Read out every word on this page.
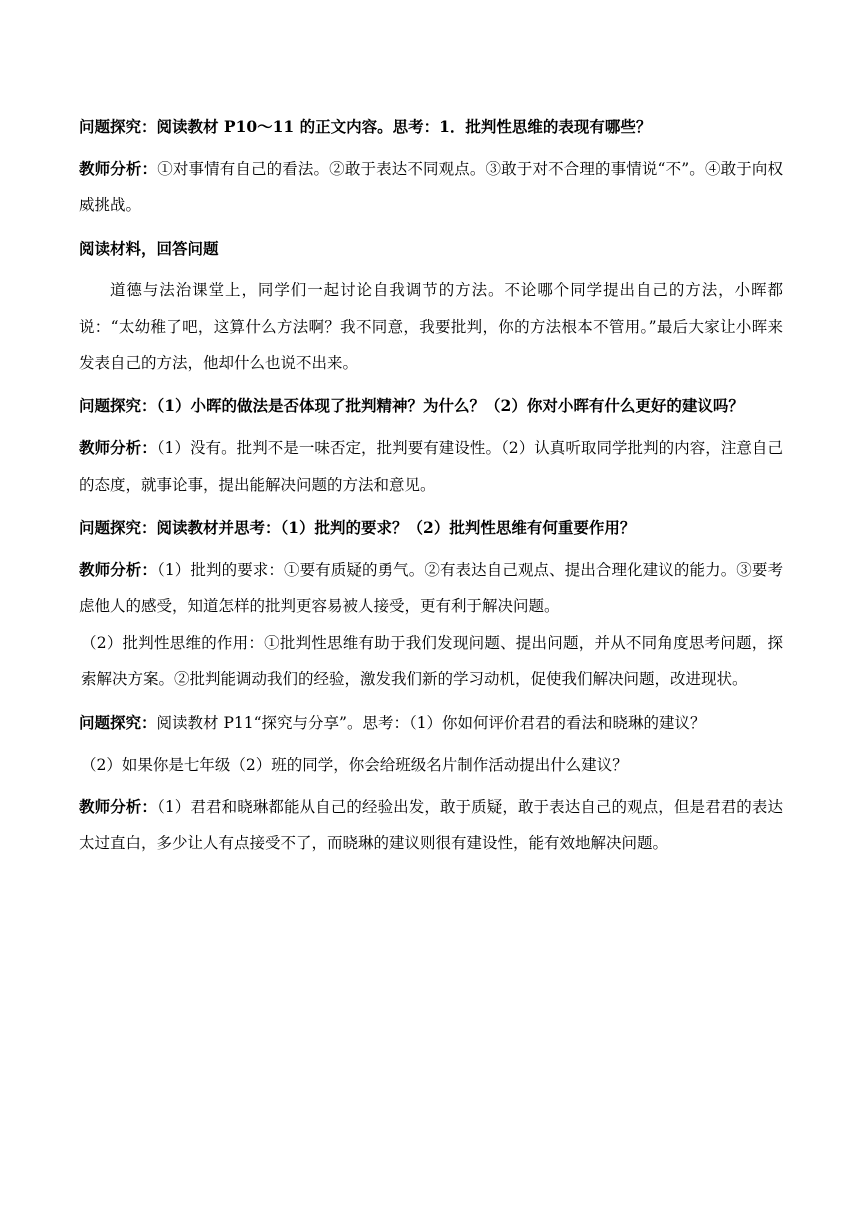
问题探究：阅读教材 P10～11 的正文内容。思考：1．批判性思维的表现有哪些？
教师分析：①对事情有自己的看法。②敢于表达不同观点。③敢于对不合理的事情说“不”。④敢于向权威挑战。
阅读材料，回答问题
道德与法治课堂上，同学们一起讨论自我调节的方法。不论哪个同学提出自己的方法，小晖都说：“太幼稚了吧，这算什么方法啊？我不同意，我要批判，你的方法根本不管用。”最后大家让小晖来发表自己的方法，他却什么也说不出来。
问题探究：（1）小晖的做法是否体现了批判精神？为什么？（2）你对小晖有什么更好的建议吗？
教师分析：（1）没有。批判不是一味否定，批判要有建设性。（2）认真听取同学批判的内容，注意自己的态度，就事论事，提出能解决问题的方法和意见。
问题探究：阅读教材并思考：（1）批判的要求？（2）批判性思维有何重要作用？
教师分析：（1）批判的要求：①要有质疑的勇气。②有表达自己观点、提出合理化建议的能力。③要考虑他人的感受，知道怎样的批判更容易被人接受，更有利于解决问题。
（2）批判性思维的作用：①批判性思维有助于我们发现问题、提出问题，并从不同角度思考问题，探索解决方案。②批判能调动我们的经验，激发我们新的学习动机，促使我们解决问题，改进现状。
问题探究：阅读教材 P11“探究与分享”。思考：（1）你如何评价君君的看法和晓琳的建议？
（2）如果你是七年级（2）班的同学，你会给班级名片制作活动提出什么建议？
教师分析：（1）君君和晓琳都能从自己的经验出发，敢于质疑，敢于表达自己的观点，但是君君的表达太过直白，多少让人有点接受不了，而晓琳的建议则很有建设性，能有效地解决问题。
